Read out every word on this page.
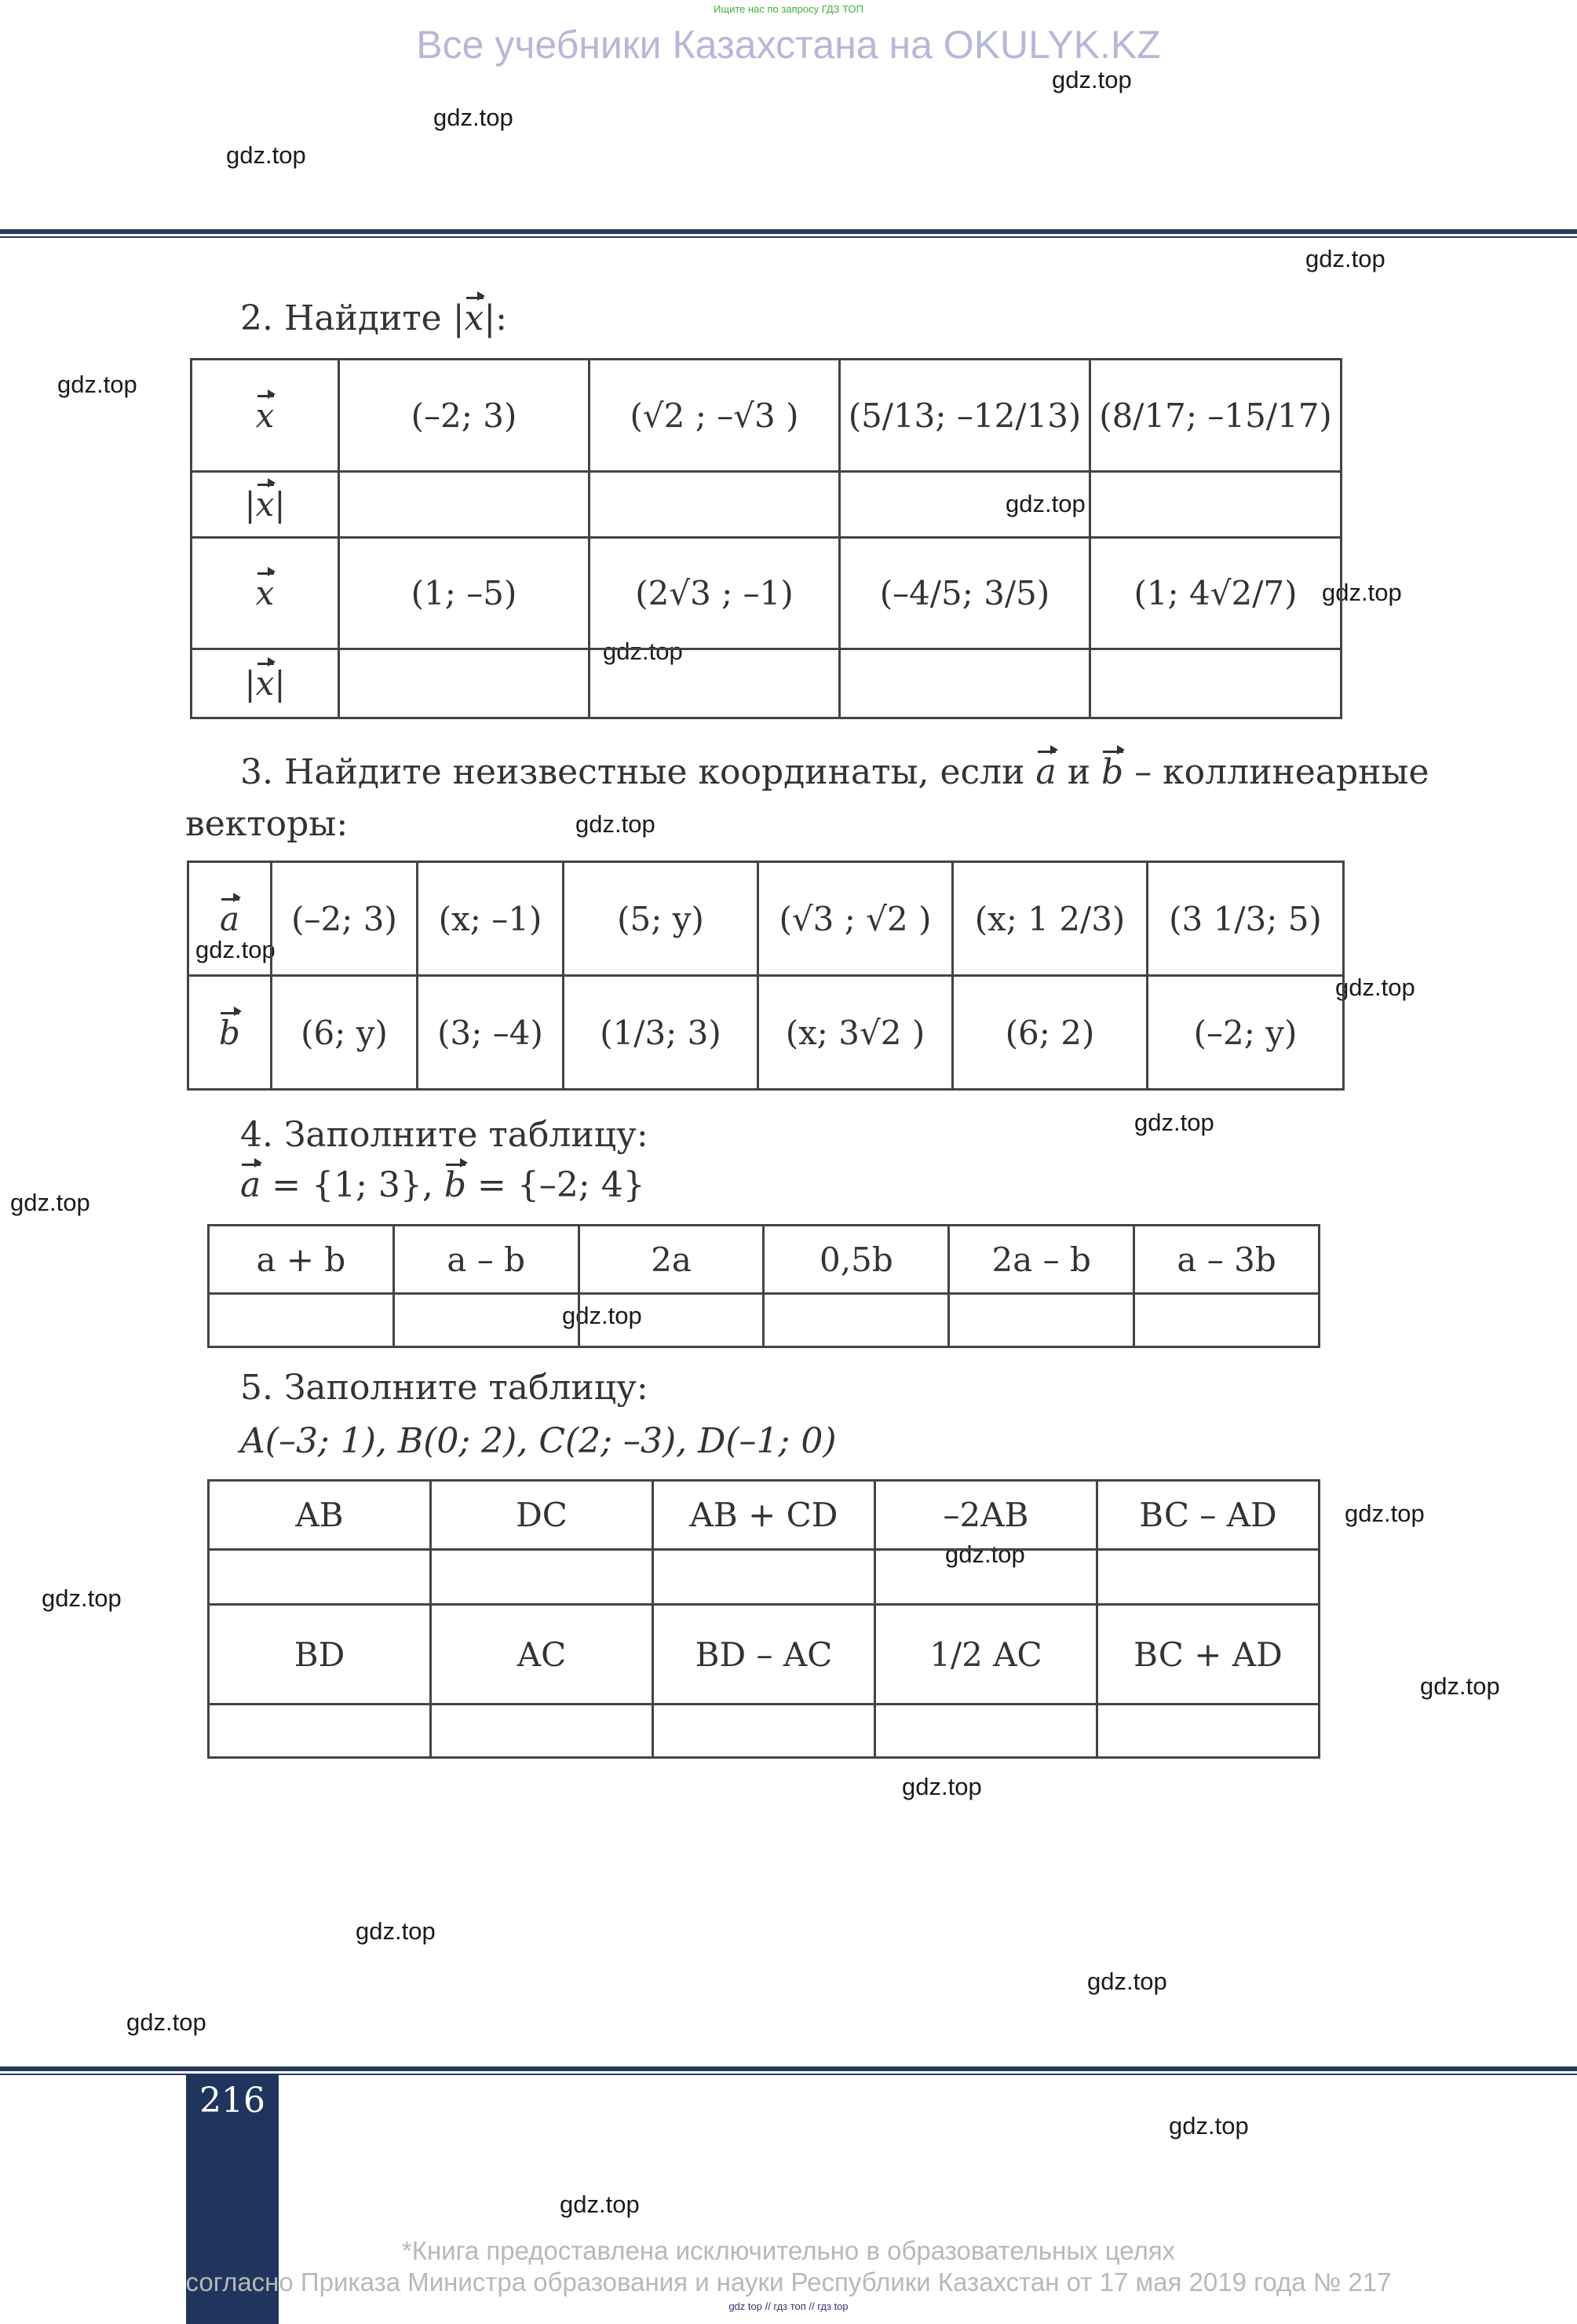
Ищите нас по запросу ГДЗ ТОП
Все учебники Казахстана на OKULYK.KZ
gdz.top
gdz.top
gdz.top
gdz.top
gdz.top
gdz.top
gdz.top
gdz.top
gdz.top
gdz.top
gdz.top
gdz.top
gdz.top
gdz.top
gdz.top
gdz.top
gdz.top
gdz.top
gdz.top
gdz.top
gdz.top
gdz.top
gdz.top
gdz.top
2. Найдите |x|:
x	(–2; 3)	(√2 ; –√3 )	(5/13; –12/13)	(8/17; –15/17)
|x|				
x	(1; –5)	(2√3 ; –1)	(–4/5; 3/5)	(1; 4√2/7)
|x|				
3. Найдите неизвестные координаты, если a и b – коллинеарные
векторы:
a	(–2; 3)	(x; –1)	(5; y)	(√3 ; √2 )	(x; 1 2/3)	(3 1/3; 5)
b	(6; y)	(3; –4)	(1/3; 3)	(x; 3√2 )	(6; 2)	(–2; y)
4. Заполните таблицу:
a = {1; 3}, b = {–2; 4}
a + b	a – b	2a	0,5b	2a – b	a – 3b

5. Заполните таблицу:
A(–3; 1), B(0; 2), C(2; –3), D(–1; 0)
AB	DC	AB + CD	–2AB	BC – AD

BD	AC	BD – AC	1/2 AC	BC + AD

216
*Книга предоставлена исключительно в образовательных целях
согласно Приказа Министра образования и науки Республики Казахстан от 17 мая 2019 года № 217
gdz top // гдз топ // гдз top
